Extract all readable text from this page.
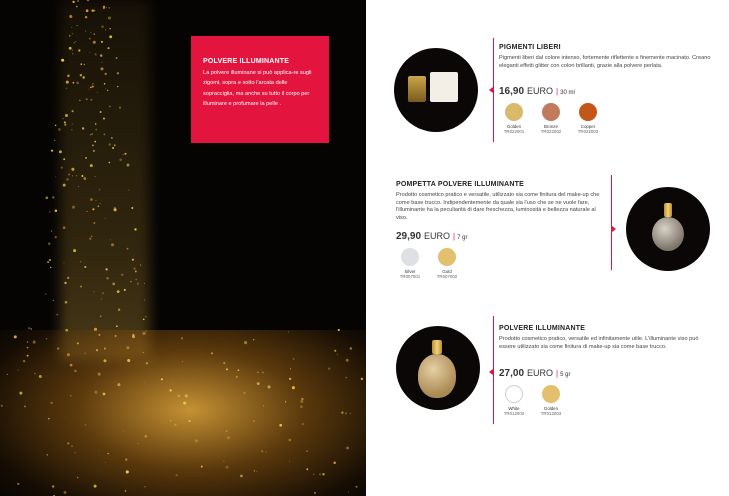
POLVERE ILLUMINANTE
La polvere illuminane si può applica-re sugli zigomi, sopra e sotto l'arcata delle sopracciglia, ma anche su tutto il corpo per illuminare e profumare la pelle .
PIGMENTI LIBERI
Pigmenti liberi dal colore intenso, fortemente riflettente e finemente macinato. Creano eleganti effetti glitter con colori brillanti, grazie alla polvere perlata.
16,90 EURO | 30 ml
Golden
TR022001
Bronze
TR022002
Copper
TR022003
POMPETTA POLVERE ILLUMINANTE
Prodotto cosmetico pratico e versatile, utilizzato sia come finitura del make-up che come base trucco. Indipendentemente da quale sia l'uso che se ne vuole fare, l'illuminante ha la peculiarità di dare freschezza, luminosità e bellezza naturale al viso.
29,90 EURO | 7 gr
Silver
TR007001
Gold
TR007002
POLVERE ILLUMINANTE
Prodotto cosmetico pratico, versatile ed infinitamente utile. L'illuminante viso può essere utilizzato sia come finitura di make-up sia come base trucco.
27,00 EURO | 5 gr
White
TR012002
Golden
TR012003
